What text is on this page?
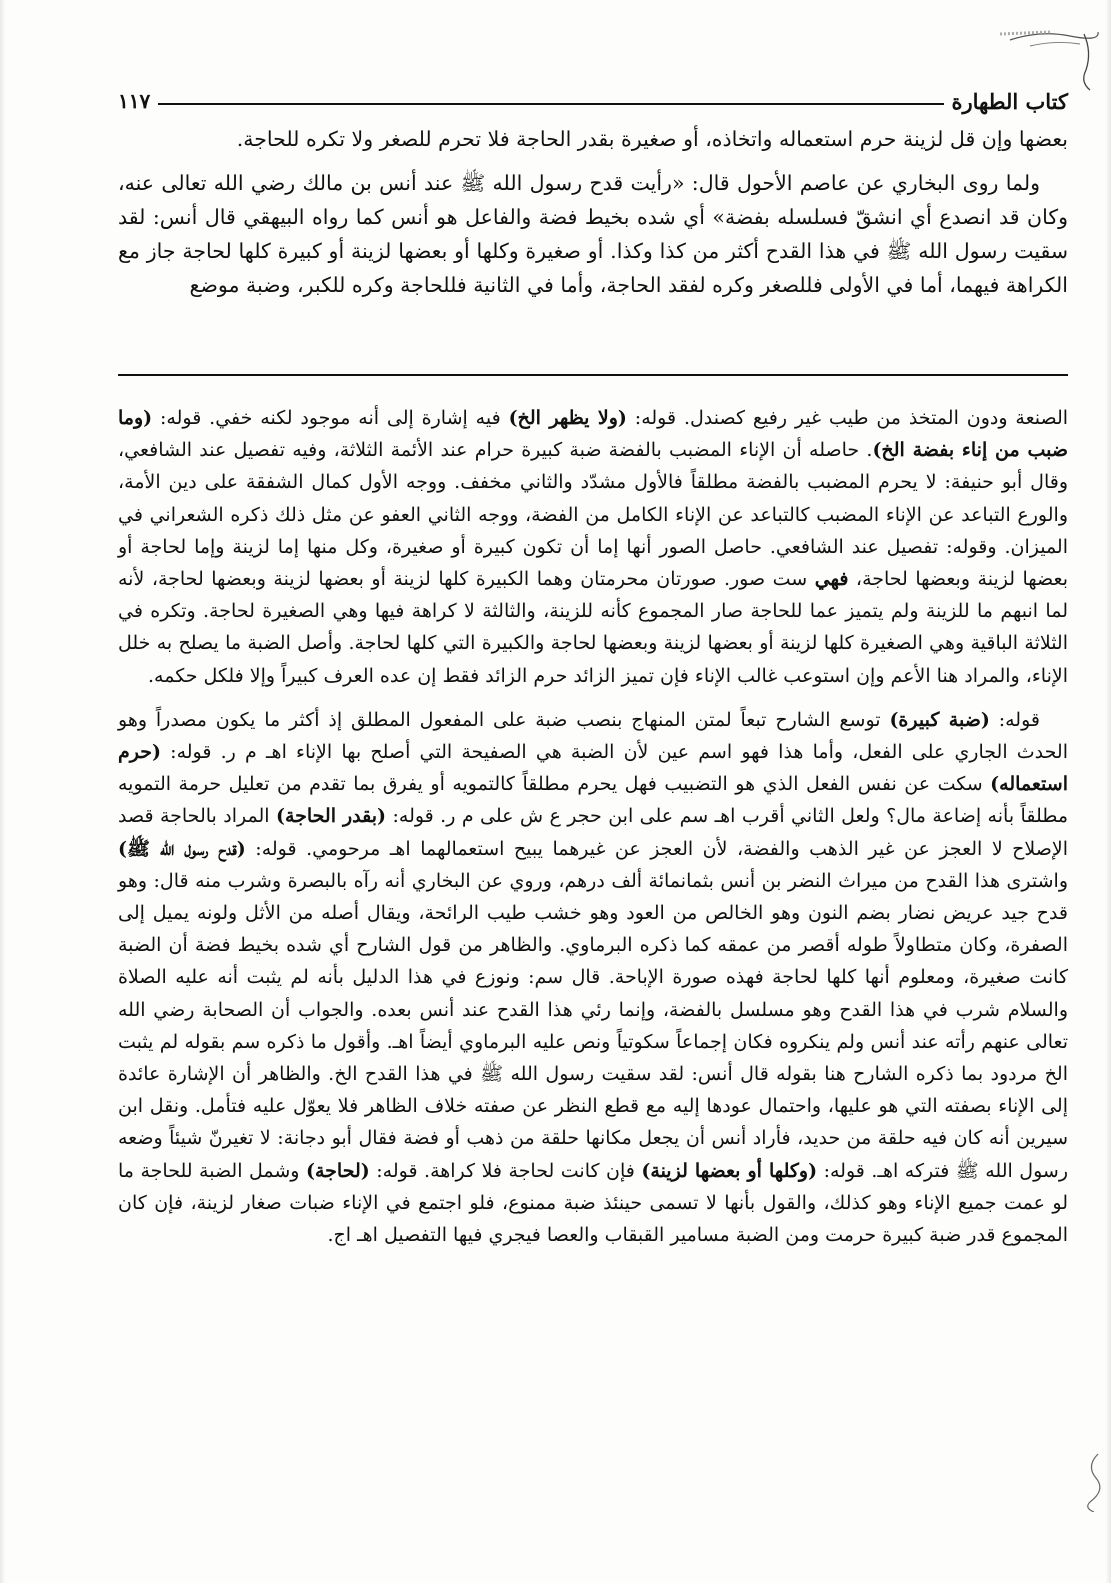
كتاب الطهارة
١١٧

بعضها وإن قل لزينة حرم استعماله واتخاذه، أو صغيرة بقدر الحاجة فلا تحرم للصغر ولا تكره للحاجة.

ولما روى البخاري عن عاصم الأحول قال: «رأيت قدح رسول الله ﷺ عند أنس بن مالك رضي الله تعالى عنه، وكان قد انصدع أي انشقّ فسلسله بفضة» أي شده بخيط فضة والفاعل هو أنس كما رواه البيهقي قال أنس: لقد سقيت رسول الله ﷺ في هذا القدح أكثر من كذا وكذا. أو صغيرة وكلها أو بعضها لزينة أو كبيرة كلها لحاجة جاز مع الكراهة فيهما، أما في الأولى فللصغر وكره لفقد الحاجة، وأما في الثانية فللحاجة وكره للكبر، وضبة موضع

الصنعة ودون المتخذ من طيب غير رفيع كصندل. قوله: (ولا يظهر الخ) فيه إشارة إلى أنه موجود لكنه خفي. قوله: (وما ضبب من إناء بفضة الخ). حاصله أن الإناء المضبب بالفضة ضبة كبيرة حرام عند الأئمة الثلاثة، وفيه تفصيل عند الشافعي، وقال أبو حنيفة: لا يحرم المضبب بالفضة مطلقاً فالأول مشدّد والثاني مخفف. ووجه الأول كمال الشفقة على دين الأمة، والورع التباعد عن الإناء المضبب كالتباعد عن الإناء الكامل من الفضة، ووجه الثاني العفو عن مثل ذلك ذكره الشعراني في الميزان. وقوله: تفصيل عند الشافعي. حاصل الصور أنها إما أن تكون كبيرة أو صغيرة، وكل منها إما لزينة وإما لحاجة أو بعضها لزينة وبعضها لحاجة، فهي ست صور. صورتان محرمتان وهما الكبيرة كلها لزينة أو بعضها لزينة وبعضها لحاجة، لأنه لما انبهم ما للزينة ولم يتميز عما للحاجة صار المجموع كأنه للزينة، والثالثة لا كراهة فيها وهي الصغيرة لحاجة. وتكره في الثلاثة الباقية وهي الصغيرة كلها لزينة أو بعضها لزينة وبعضها لحاجة والكبيرة التي كلها لحاجة. وأصل الضبة ما يصلح به خلل الإناء، والمراد هنا الأعم وإن استوعب غالب الإناء فإن تميز الزائد حرم الزائد فقط إن عده العرف كبيراً وإلا فلكل حكمه.

قوله: (ضبة كبيرة) توسع الشارح تبعاً لمتن المنهاج بنصب ضبة على المفعول المطلق إذ أكثر ما يكون مصدراً وهو الحدث الجاري على الفعل، وأما هذا فهو اسم عين لأن الضبة هي الصفيحة التي أصلح بها الإناء اهـ م ر. قوله: (حرم استعماله) سكت عن نفس الفعل الذي هو التضبيب فهل يحرم مطلقاً كالتمويه أو يفرق بما تقدم من تعليل حرمة التمويه مطلقاً بأنه إضاعة مال؟ ولعل الثاني أقرب اهـ سم على ابن حجر ع ش على م ر. قوله: (بقدر الحاجة) المراد بالحاجة قصد الإصلاح لا العجز عن غير الذهب والفضة، لأن العجز عن غيرهما يبيح استعمالهما اهـ مرحومي. قوله: (قدح رسول الله ﷺ) واشترى هذا القدح من ميراث النضر بن أنس بثمانمائة ألف درهم، وروي عن البخاري أنه رآه بالبصرة وشرب منه قال: وهو قدح جيد عريض نضار بضم النون وهو الخالص من العود وهو خشب طيب الرائحة، ويقال أصله من الأثل ولونه يميل إلى الصفرة، وكان متطاولاً طوله أقصر من عمقه كما ذكره البرماوي. والظاهر من قول الشارح أي شده بخيط فضة أن الضبة كانت صغيرة، ومعلوم أنها كلها لحاجة فهذه صورة الإباحة. قال سم: ونوزع في هذا الدليل بأنه لم يثبت أنه عليه الصلاة والسلام شرب في هذا القدح وهو مسلسل بالفضة، وإنما رئي هذا القدح عند أنس بعده. والجواب أن الصحابة رضي الله تعالى عنهم رأته عند أنس ولم ينكروه فكان إجماعاً سكوتياً ونص عليه البرماوي أيضاً اهـ. وأقول ما ذكره سم بقوله لم يثبت الخ مردود بما ذكره الشارح هنا بقوله قال أنس: لقد سقيت رسول الله ﷺ في هذا القدح الخ. والظاهر أن الإشارة عائدة إلى الإناء بصفته التي هو عليها، واحتمال عودها إليه مع قطع النظر عن صفته خلاف الظاهر فلا يعوّل عليه فتأمل. ونقل ابن سيرين أنه كان فيه حلقة من حديد، فأراد أنس أن يجعل مكانها حلقة من ذهب أو فضة فقال أبو دجانة: لا تغيرنّ شيئاً وضعه رسول الله ﷺ فتركه اهـ. قوله: (وكلها أو بعضها لزينة) فإن كانت لحاجة فلا كراهة. قوله: (لحاجة) وشمل الضبة للحاجة ما لو عمت جميع الإناء وهو كذلك، والقول بأنها لا تسمى حينئذ ضبة ممنوع، فلو اجتمع في الإناء ضبات صغار لزينة، فإن كان المجموع قدر ضبة كبيرة حرمت ومن الضبة مسامير القبقاب والعصا فيجري فيها التفصيل اهـ اج.
